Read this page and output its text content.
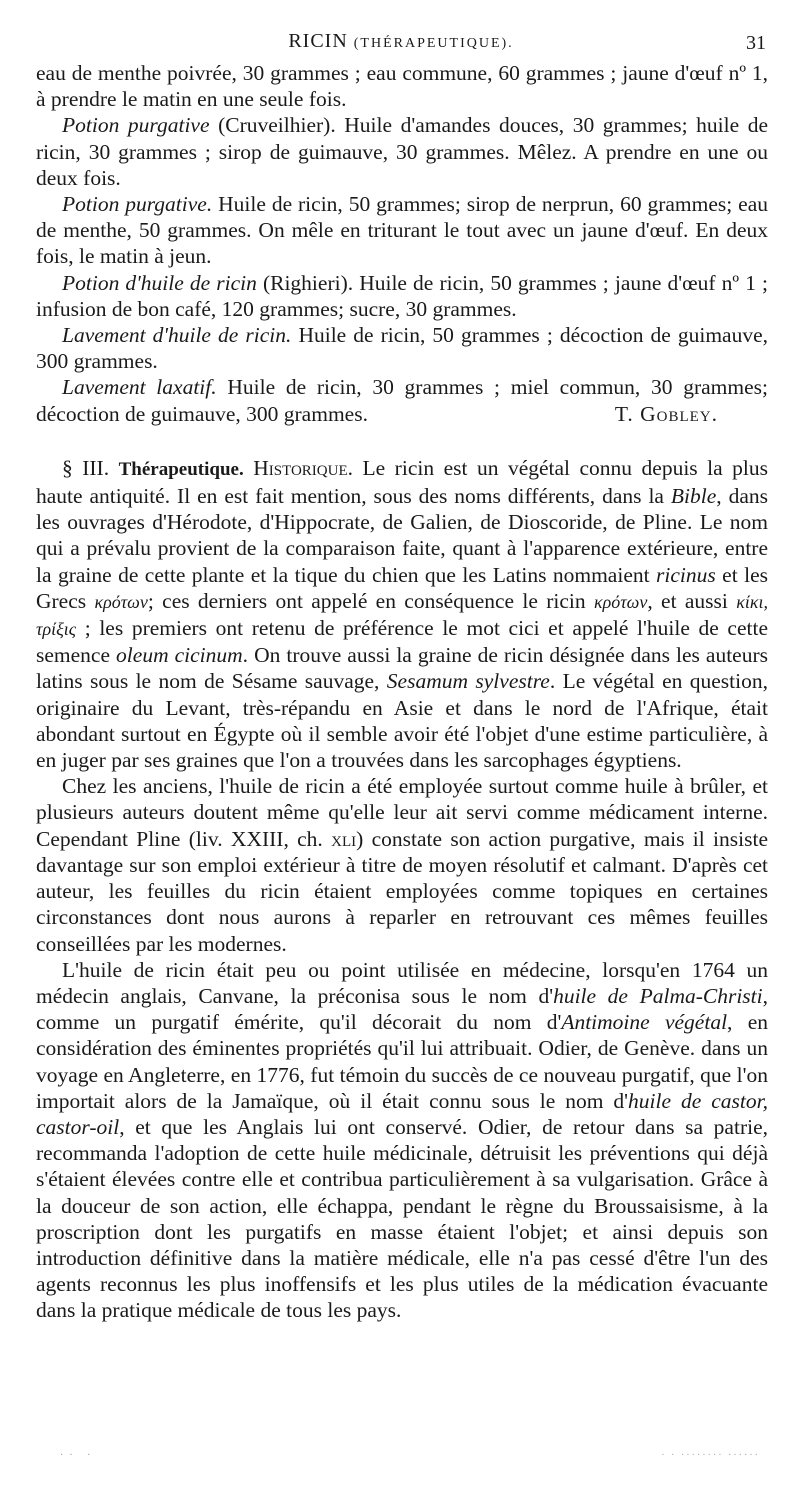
RICIN (THÉRAPEUTIQUE).	31

eau de menthe poivrée, 30 grammes ; eau commune, 60 grammes ; jaune d'œuf nº 1, à prendre le matin en une seule fois.

Potion purgative (Cruveilhier). Huile d'amandes douces, 30 grammes; huile de ricin, 30 grammes ; sirop de guimauve, 30 grammes. Mêlez. A prendre en une ou deux fois.

Potion purgative. Huile de ricin, 50 grammes; sirop de nerprun, 60 grammes; eau de menthe, 50 grammes. On mêle en triturant le tout avec un jaune d'œuf. En deux fois, le matin à jeun.

Potion d'huile de ricin (Righieri). Huile de ricin, 50 grammes ; jaune d'œuf nº 1 ; infusion de bon café, 120 grammes; sucre, 30 grammes.

Lavement d'huile de ricin. Huile de ricin, 50 grammes ; décoction de guimauve, 300 grammes.

Lavement laxatif. Huile de ricin, 30 grammes ; miel commun, 30 grammes; décoction de guimauve, 300 grammes.	T. Gobley.

§ III. Thérapeutique. Historique. Le ricin est un végétal connu depuis la plus haute antiquité. Il en est fait mention, sous des noms différents, dans la Bible, dans les ouvrages d'Hérodote, d'Hippocrate, de Galien, de Dioscoride, de Pline. Le nom qui a prévalu provient de la comparaison faite, quant à l'apparence extérieure, entre la graine de cette plante et la tique du chien que les Latins nommaient ricinus et les Grecs κρότων; ces derniers ont appelé en conséquence le ricin κρότων, et aussi κίκι, τρίξις ; les premiers ont retenu de préférence le mot cici et appelé l'huile de cette semence oleum cicinum. On trouve aussi la graine de ricin désignée dans les auteurs latins sous le nom de Sésame sauvage, Sesamum sylvestre. Le végétal en question, originaire du Levant, très-répandu en Asie et dans le nord de l'Afrique, était abondant surtout en Égypte où il semble avoir été l'objet d'une estime particulière, à en juger par ses graines que l'on a trouvées dans les sarcophages égyptiens.

Chez les anciens, l'huile de ricin a été employée surtout comme huile à brûler, et plusieurs auteurs doutent même qu'elle leur ait servi comme médicament interne. Cependant Pline (liv. XXIII, ch. xli) constate son action purgative, mais il insiste davantage sur son emploi extérieur à titre de moyen résolutif et calmant. D'après cet auteur, les feuilles du ricin étaient employées comme topiques en certaines circonstances dont nous aurons à reparler en retrouvant ces mêmes feuilles conseillées par les modernes.

L'huile de ricin était peu ou point utilisée en médecine, lorsqu'en 1764 un médecin anglais, Canvane, la préconisa sous le nom d'huile de Palma-Christi, comme un purgatif émérite, qu'il décorait du nom d'Antimoine végétal, en considération des éminentes propriétés qu'il lui attribuait. Odier, de Genève. dans un voyage en Angleterre, en 1776, fut témoin du succès de ce nouveau purgatif, que l'on importait alors de la Jamaïque, où il était connu sous le nom d'huile de castor, castor-oil, et que les Anglais lui ont conservé. Odier, de retour dans sa patrie, recommanda l'adoption de cette huile médicinale, détruisit les préventions qui déjà s'étaient élevées contre elle et contribua particulièrement à sa vulgarisation. Grâce à la douceur de son action, elle échappa, pendant le règne du Broussaisisme, à la proscription dont les purgatifs en masse étaient l'objet; et ainsi depuis son introduction définitive dans la matière médicale, elle n'a pas cessé d'être l'un des agents reconnus les plus inoffensifs et les plus utiles de la médication évacuante dans la pratique médicale de tous les pays.

·· ·	· · ········ ······
